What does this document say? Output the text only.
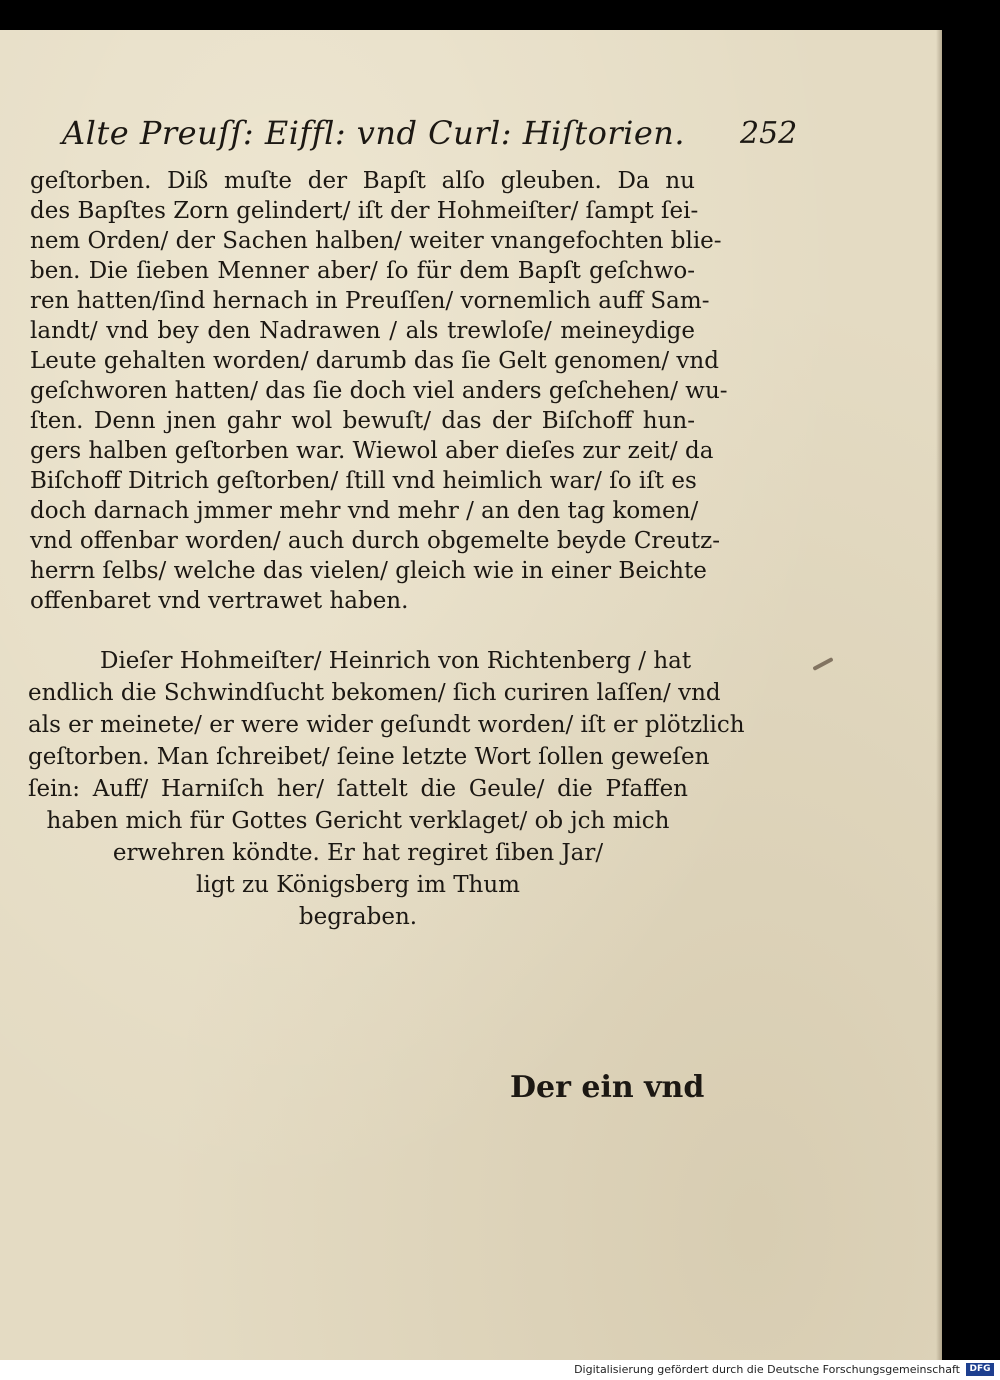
Alte Preuſſ: Eiffl: vnd Curl: Hiſtorien. 252
geſtorben. Diß muſte der Bapſt alſo gleuben. Da nu
des Bapſtes Zorn gelindert/ iſt der Hohmeiſter/ ſampt ſei-
nem Orden/ der Sachen halben/ weiter vnangefochten blie-
ben. Die ſieben Menner aber/ ſo für dem Bapſt geſchwo-
ren hatten/ſind hernach in Preuſſen/ vornemlich auff Sam-
landt/ vnd bey den Nadrawen / als trewloſe/ meineydige
Leute gehalten worden/ darumb das ſie Gelt genomen/ vnd
geſchworen hatten/ das ſie doch viel anders geſchehen/ wu-
ſten. Denn jnen gahr wol bewuſt/ das der Biſchoff hun-
gers halben geſtorben war. Wiewol aber dieſes zur zeit/ da
Biſchoff Ditrich geſtorben/ ſtill vnd heimlich war/ ſo iſt es
doch darnach jmmer mehr vnd mehr / an den tag komen/
vnd offenbar worden/ auch durch obgemelte beyde Creutz-
herrn ſelbs/ welche das vielen/ gleich wie in einer Beichte
offenbaret vnd vertrawet haben.
Dieſer Hohmeiſter/ Heinrich von Richtenberg / hat
endlich die Schwindſucht bekomen/ ſich curiren laſſen/ vnd
als er meinete/ er were wider geſundt worden/ iſt er plötzlich
geſtorben. Man ſchreibet/ ſeine letzte Wort ſollen geweſen
ſein: Auff/ Harniſch her/ ſattelt die Geule/ die Pfaffen
haben mich für Gottes Gericht verklaget/ ob jch mich
erwehren köndte. Er hat regiret ſiben Jar/
ligt zu Königsberg im Thum
begraben.
Der ein vnd
Digitalisierung gefördert durch die Deutsche Forschungsgemeinschaft	DFG
